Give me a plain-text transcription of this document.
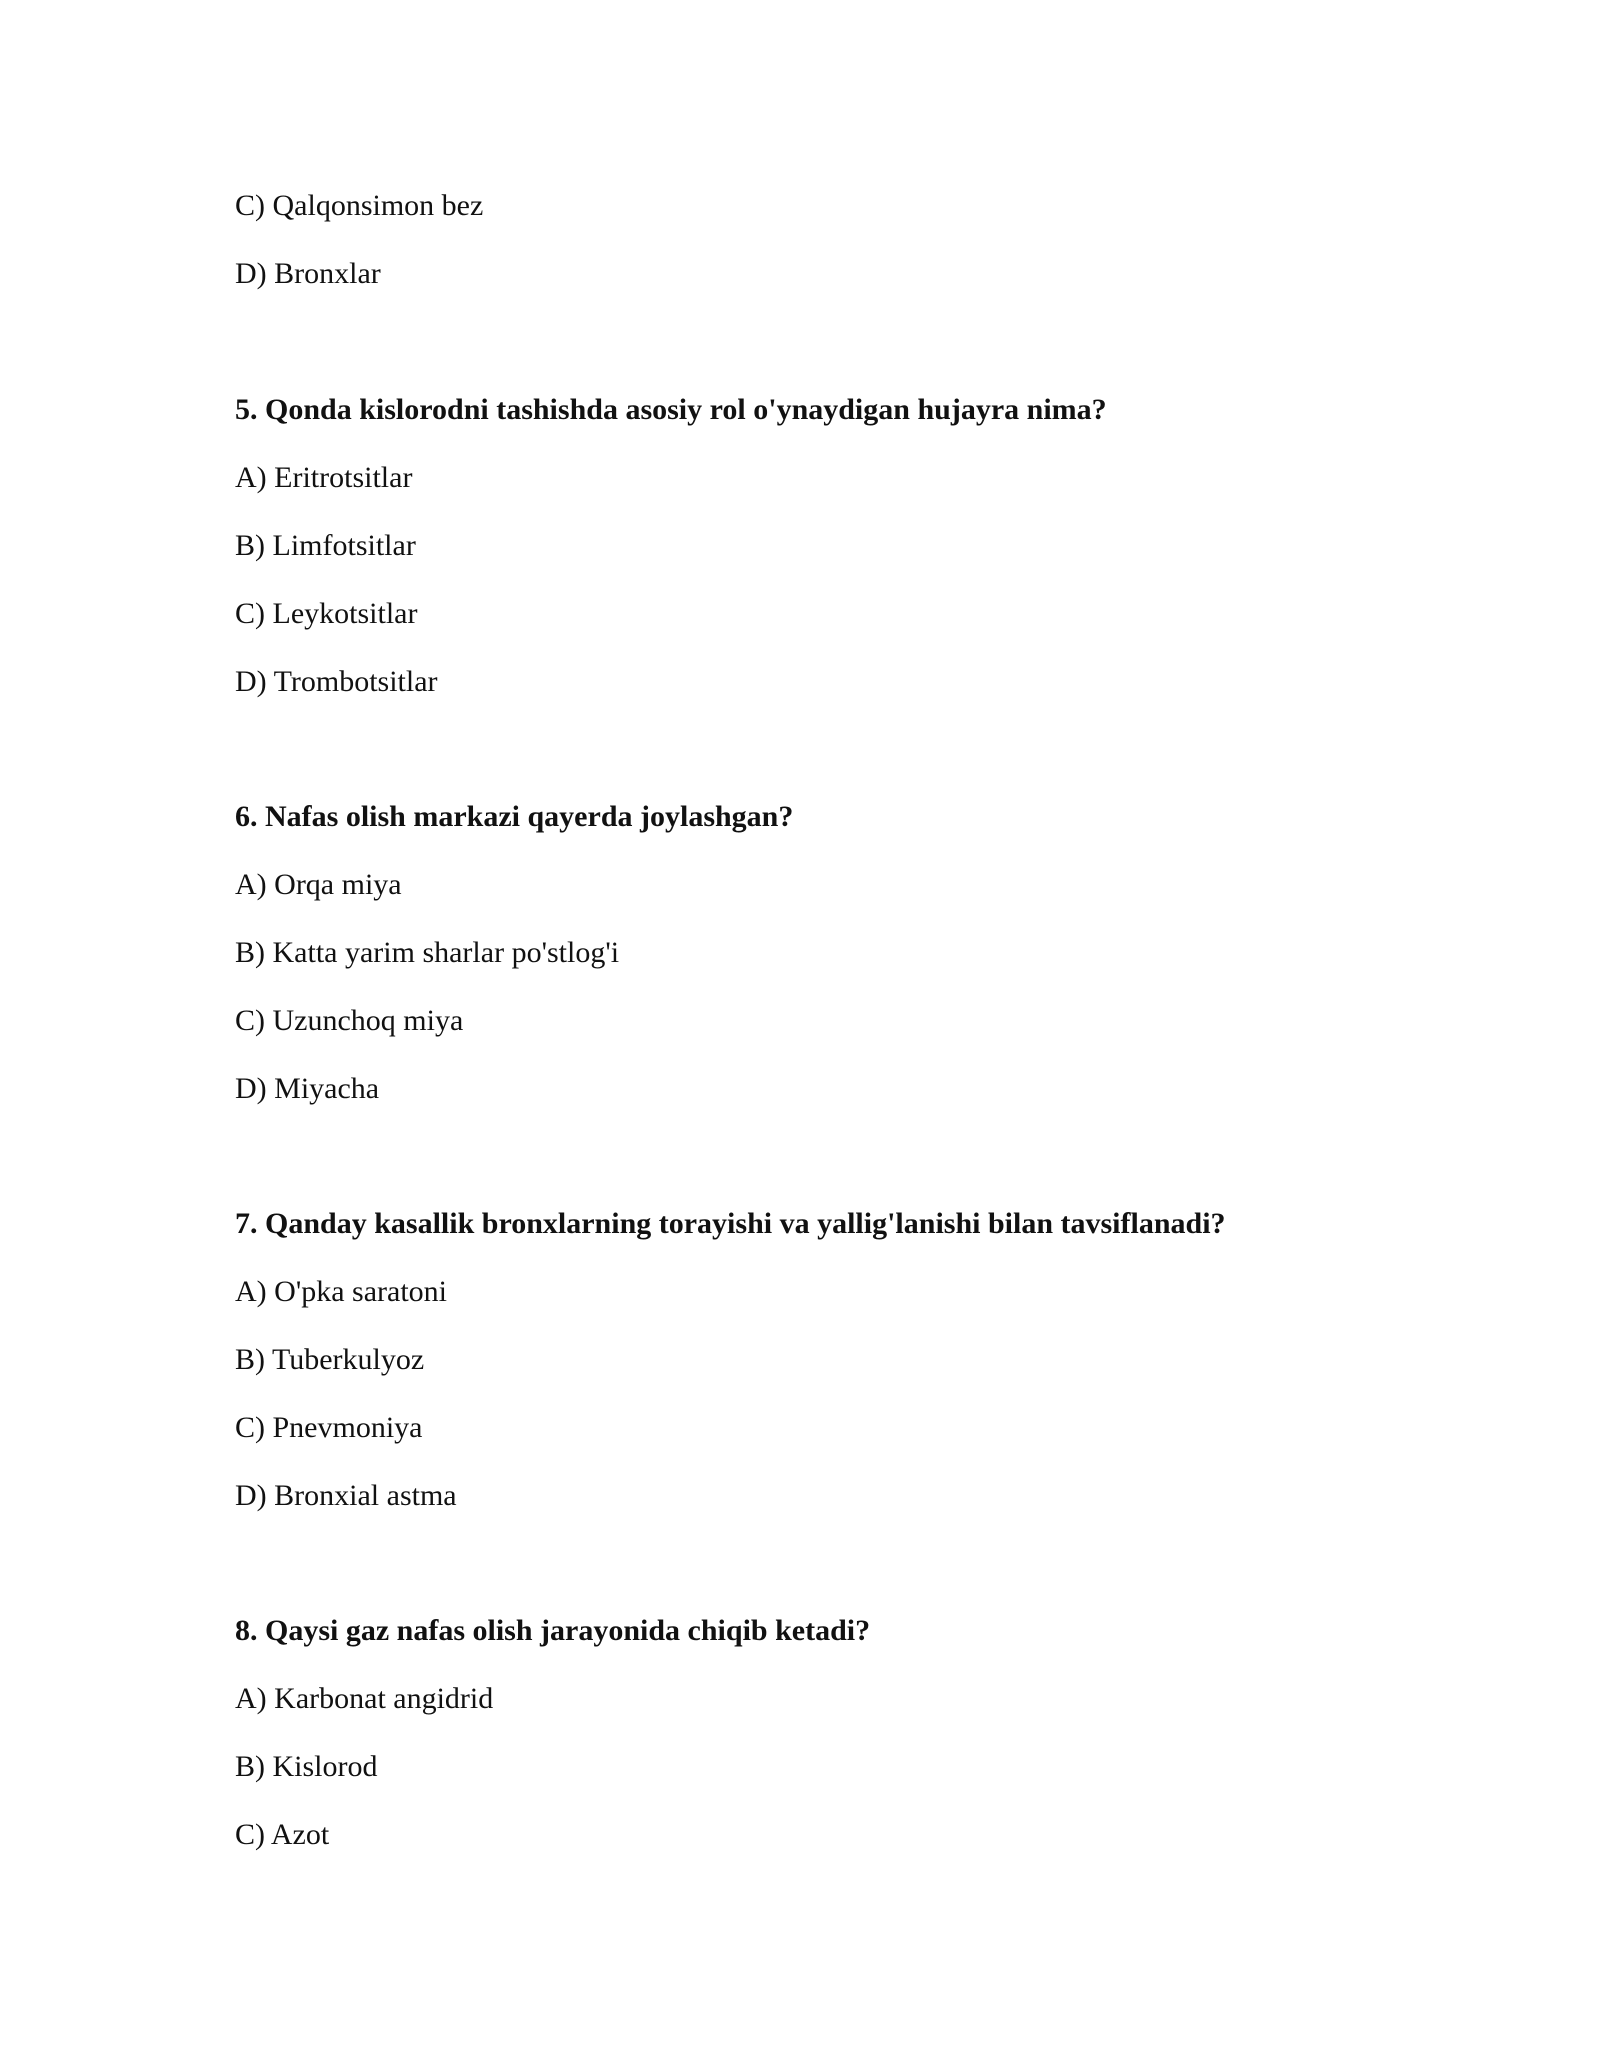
C) Qalqonsimon bez
D) Bronxlar
5. Qonda kislorodni tashishda asosiy rol o'ynaydigan hujayra nima?
A) Eritrotsitlar
B) Limfotsitlar
C) Leykotsitlar
D) Trombotsitlar
6. Nafas olish markazi qayerda joylashgan?
A) Orqa miya
B) Katta yarim sharlar po'stlog'i
C) Uzunchoq miya
D) Miyacha
7. Qanday kasallik bronxlarning torayishi va yallig'lanishi bilan tavsiflanadi?
A) O'pka saratoni
B) Tuberkulyoz
C) Pnevmoniya
D) Bronxial astma
8. Qaysi gaz nafas olish jarayonida chiqib ketadi?
A) Karbonat angidrid
B) Kislorod
C) Azot
